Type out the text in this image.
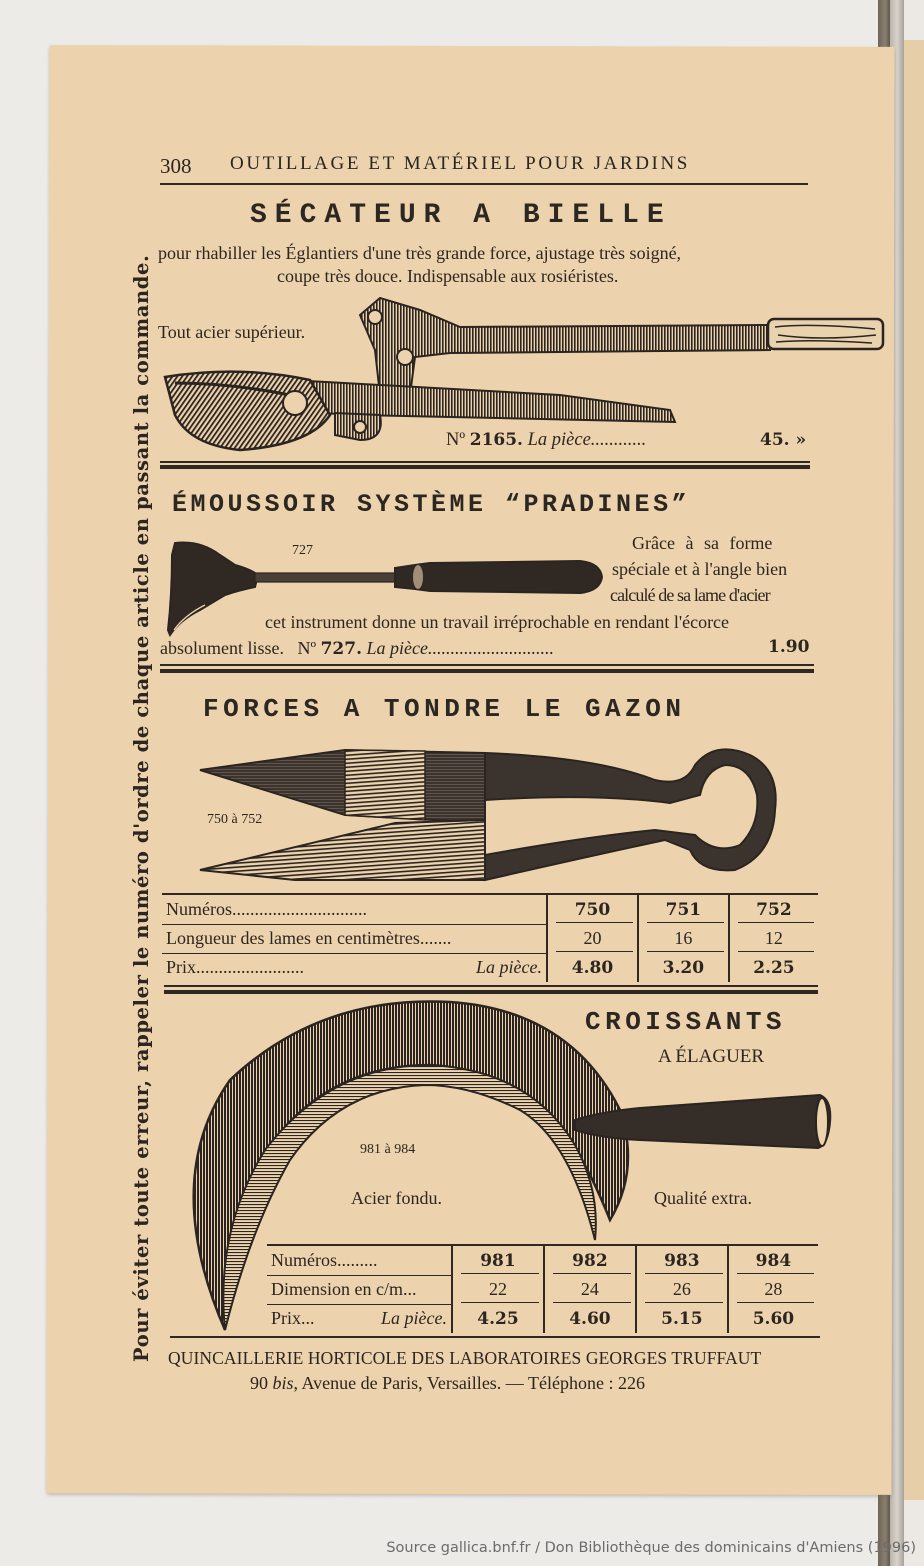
Pour éviter toute erreur, rappeler le numéro d'ordre de chaque article en passant la commande.
308 OUTILLAGE ET MATÉRIEL POUR JARDINS
SÉCATEUR A BIELLE
pour rhabiller les Églantiers d'une très grande force, ajustage très soigné,
coupe très douce. Indispensable aux rosiéristes.
Tout acier supérieur.
Nº 2165. La pièce............	45. »
ÉMOUSSOIR SYSTÈME “PRADINES”
727	Grâce à sa forme
spéciale et à l'angle bien
calculé de sa lame d'acier
cet instrument donne un travail irréprochable en rendant l'écorce
absolument lisse. Nº 727. La pièce............................	1.90
FORCES A TONDRE LE GAZON
750 à 752
Numéros..............................	750	751	752
Longueur des lames en centimètres.......	20	16	12
Prix........................ La pièce.	4.80	3.20	2.25
CROISSANTS
A ÉLAGUER
981 à 984
Acier fondu.	Qualité extra.
Numéros.........	981	982	983	984
Dimension en c/m...	22	24	26	28
Prix... La pièce.	4.25	4.60	5.15	5.60
QUINCAILLERIE HORTICOLE DES LABORATOIRES GEORGES TRUFFAUT
90 bis, Avenue de Paris, Versailles. — Téléphone : 226
Source gallica.bnf.fr / Don Bibliothèque des dominicains d'Amiens (1996)
